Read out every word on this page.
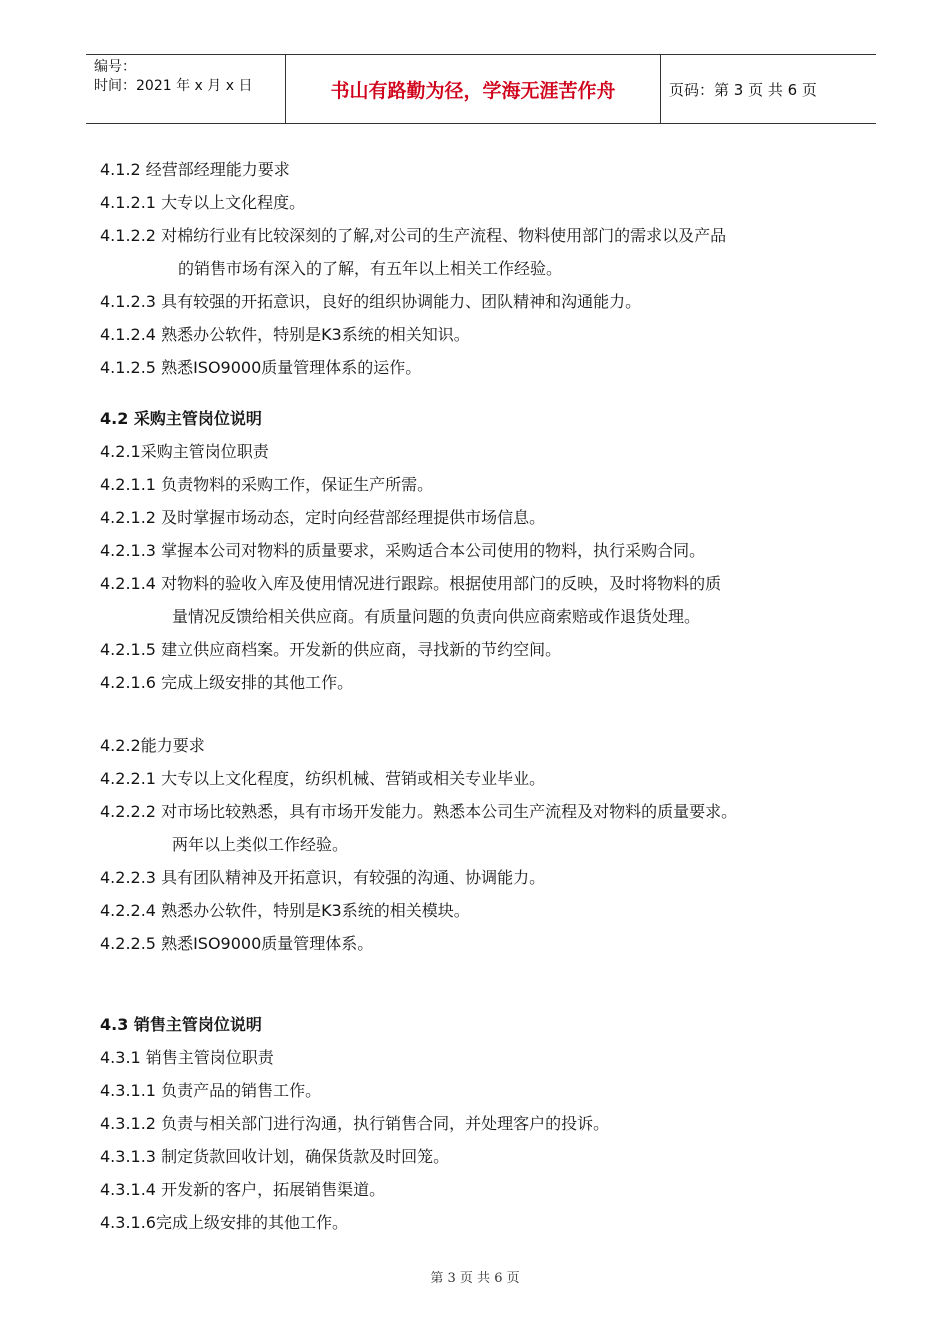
编号：
时间：2021 年 x 月 x 日	书山有路勤为径，学海无涯苦作舟	页码：第 3 页 共 6 页
4.1.2 经营部经理能力要求
4.1.2.1 大专以上文化程度。
4.1.2.2 对棉纺行业有比较深刻的了解,对公司的生产流程、物料使用部门的需求以及产品
的销售市场有深入的了解，有五年以上相关工作经验。
4.1.2.3 具有较强的开拓意识，良好的组织协调能力、团队精神和沟通能力。
4.1.2.4 熟悉办公软件，特别是K3系统的相关知识。
4.1.2.5 熟悉ISO9000质量管理体系的运作。
4.2 采购主管岗位说明
4.2.1采购主管岗位职责
4.2.1.1 负责物料的采购工作，保证生产所需。
4.2.1.2 及时掌握市场动态，定时向经营部经理提供市场信息。
4.2.1.3 掌握本公司对物料的质量要求，采购适合本公司使用的物料，执行采购合同。
4.2.1.4 对物料的验收入库及使用情况进行跟踪。根据使用部门的反映，及时将物料的质
量情况反馈给相关供应商。有质量问题的负责向供应商索赔或作退货处理。
4.2.1.5 建立供应商档案。开发新的供应商，寻找新的节约空间。
4.2.1.6 完成上级安排的其他工作。
4.2.2能力要求
4.2.2.1 大专以上文化程度，纺织机械、营销或相关专业毕业。
4.2.2.2 对市场比较熟悉，具有市场开发能力。熟悉本公司生产流程及对物料的质量要求。
两年以上类似工作经验。
4.2.2.3 具有团队精神及开拓意识，有较强的沟通、协调能力。
4.2.2.4 熟悉办公软件，特别是K3系统的相关模块。
4.2.2.5 熟悉ISO9000质量管理体系。
4.3 销售主管岗位说明
4.3.1 销售主管岗位职责
4.3.1.1 负责产品的销售工作。
4.3.1.2 负责与相关部门进行沟通，执行销售合同，并处理客户的投诉。
4.3.1.3 制定货款回收计划，确保货款及时回笼。
4.3.1.4 开发新的客户，拓展销售渠道。
4.3.1.6完成上级安排的其他工作。
第 3 页 共 6 页
